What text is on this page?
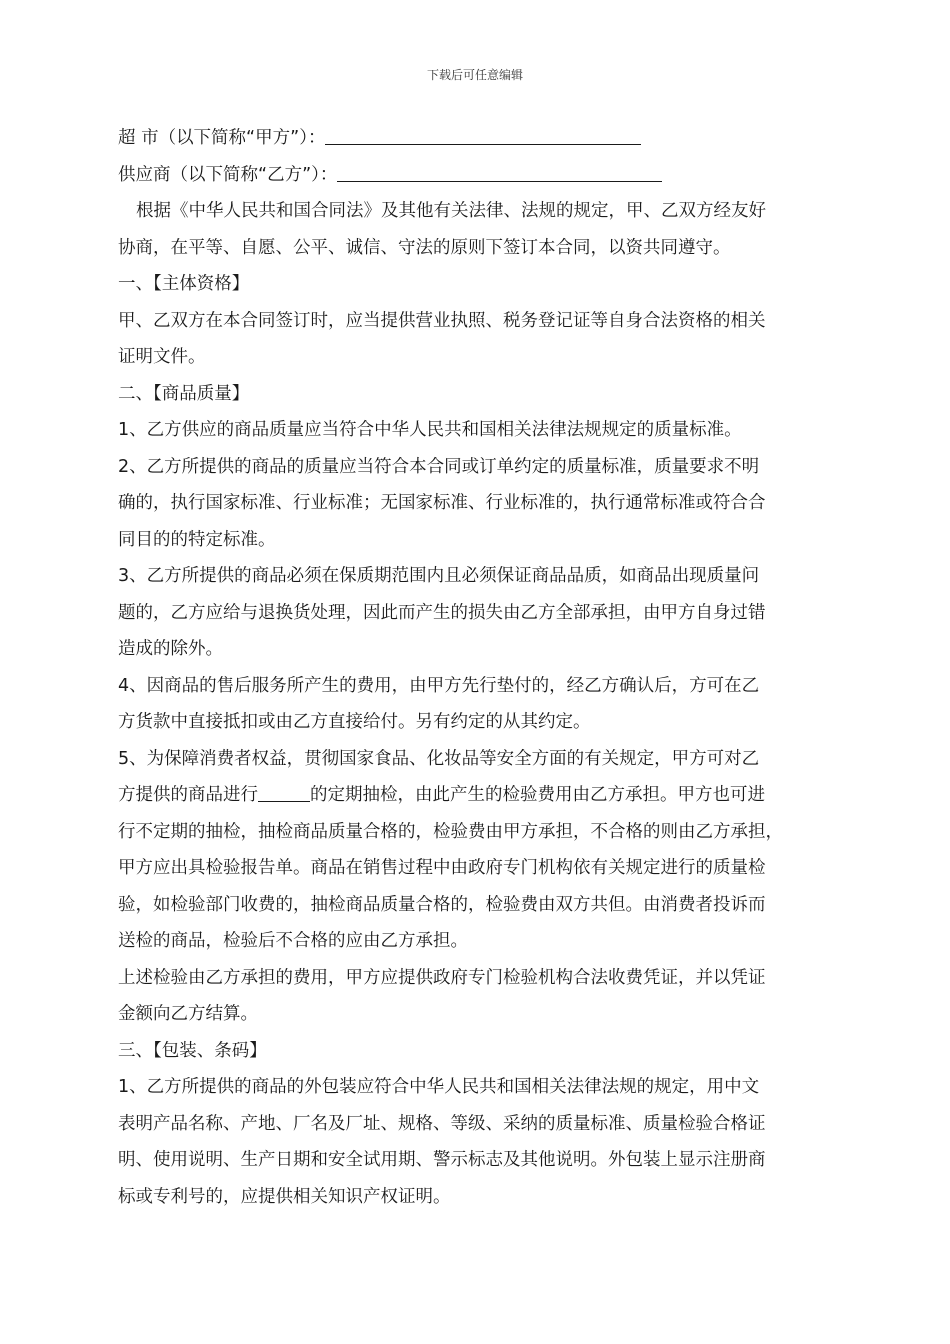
下载后可任意编辑

超 市（以下简称“甲方”）：

供应商（以下简称“乙方”）：

根据《中华人民共和国合同法》及其他有关法律、法规的规定，甲、乙双方经友好

协商，在平等、自愿、公平、诚信、守法的原则下签订本合同，以资共同遵守。

一、【主体资格】

甲、乙双方在本合同签订时，应当提供营业执照、税务登记证等自身合法资格的相关

证明文件。

二、【商品质量】

1、乙方供应的商品质量应当符合中华人民共和国相关法律法规规定的质量标准。

2、乙方所提供的商品的质量应当符合本合同或订单约定的质量标准，质量要求不明

确的，执行国家标准、行业标准；无国家标准、行业标准的，执行通常标准或符合合

同目的的特定标准。

3、乙方所提供的商品必须在保质期范围内且必须保证商品品质，如商品出现质量问

题的，乙方应给与退换货处理，因此而产生的损失由乙方全部承担，由甲方自身过错

造成的除外。

4、因商品的售后服务所产生的费用，由甲方先行垫付的，经乙方确认后，方可在乙

方货款中直接抵扣或由乙方直接给付。另有约定的从其约定。

5、为保障消费者权益，贯彻国家食品、化妆品等安全方面的有关规定，甲方可对乙

方提供的商品进行	的定期抽检，由此产生的检验费用由乙方承担。甲方也可进

行不定期的抽检，抽检商品质量合格的，检验费由甲方承担，不合格的则由乙方承担，

甲方应出具检验报告单。商品在销售过程中由政府专门机构依有关规定进行的质量检

验，如检验部门收费的，抽检商品质量合格的，检验费由双方共但。由消费者投诉而

送检的商品，检验后不合格的应由乙方承担。

上述检验由乙方承担的费用，甲方应提供政府专门检验机构合法收费凭证，并以凭证

金额向乙方结算。

三、【包装、条码】

1、乙方所提供的商品的外包装应符合中华人民共和国相关法律法规的规定，用中文

表明产品名称、产地、厂名及厂址、规格、等级、采纳的质量标准、质量检验合格证

明、使用说明、生产日期和安全试用期、警示标志及其他说明。外包装上显示注册商

标或专利号的，应提供相关知识产权证明。
